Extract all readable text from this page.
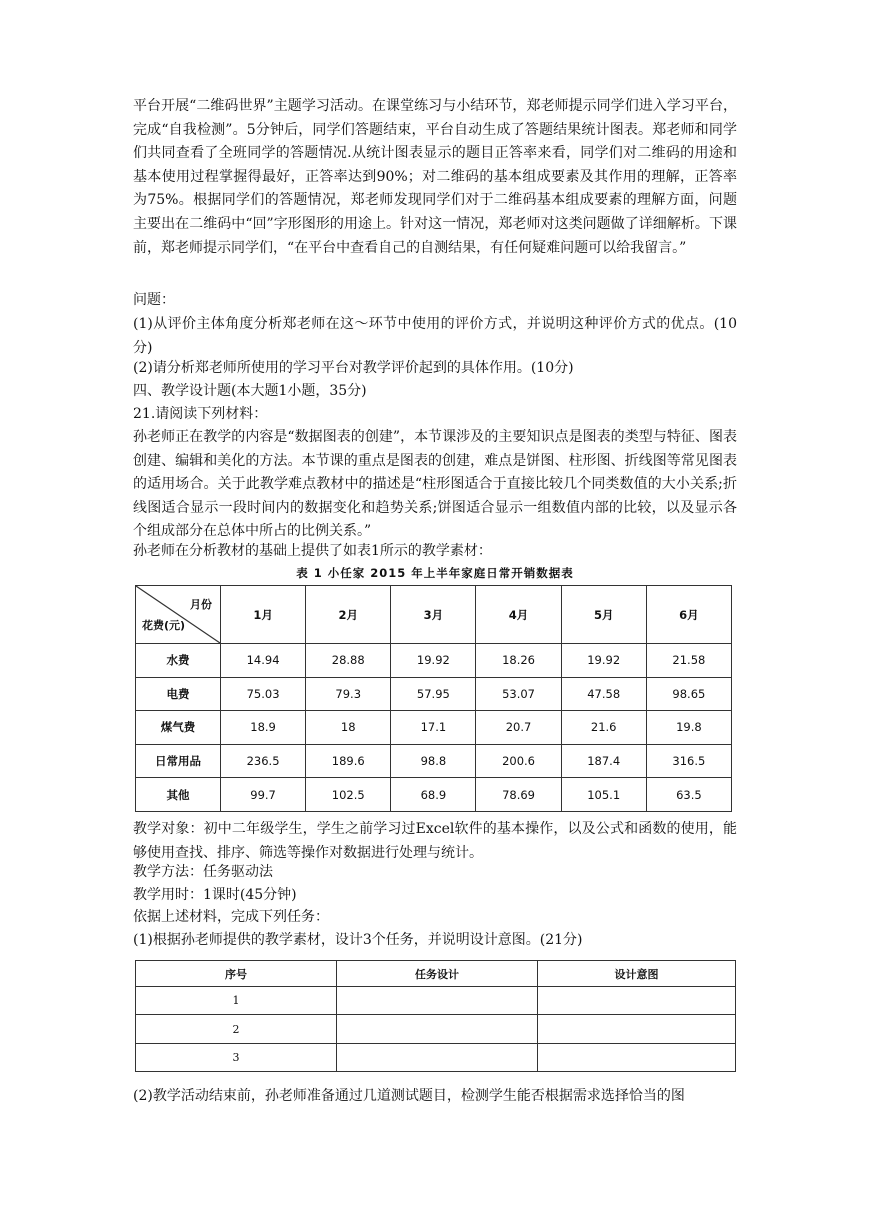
平台开展“二维码世界”主题学习活动。在课堂练习与小结环节，郑老师提示同学们进入学习平台，完成“自我检测”。5分钟后，同学们答题结束，平台自动生成了答题结果统计图表。郑老师和同学们共同查看了全班同学的答题情况.从统计图表显示的题目正答率来看，同学们对二维码的用途和基本使用过程掌握得最好，正答率达到90%；对二维码的基本组成要素及其作用的理解，正答率为75%。根据同学们的答题情况，郑老师发现同学们对于二维码基本组成要素的理解方面，问题主要出在二维码中“回”字形图形的用途上。针对这一情况，郑老师对这类问题做了详细解析。下课前，郑老师提示同学们，“在平台中查看自己的自测结果，有任何疑难问题可以给我留言。”

问题：

(1)从评价主体角度分析郑老师在这～环节中使用的评价方式，并说明这种评价方式的优点。(10分)

(2)请分析郑老师所使用的学习平台对教学评价起到的具体作用。(10分)

四、教学设计题(本大题1小题，35分)

21.请阅读下列材料：

孙老师正在教学的内容是“数据图表的创建”，本节课涉及的主要知识点是图表的类型与特征、图表创建、编辑和美化的方法。本节课的重点是图表的创建，难点是饼图、柱形图、折线图等常见图表的适用场合。关于此教学难点教材中的描述是“柱形图适合于直接比较几个同类数值的大小关系;折线图适合显示一段时间内的数据变化和趋势关系;饼图适合显示一组数值内部的比较，以及显示各个组成部分在总体中所占的比例关系。”

孙老师在分析教材的基础上提供了如表1所示的教学素材：

表 1 小任家 2015 年上半年家庭日常开销数据表
月份
花费(元)	1月	2月	3月	4月	5月	6月
水费	14.94	28.88	19.92	18.26	19.92	21.58
电费	75.03	79.3	57.95	53.07	47.58	98.65
煤气费	18.9	18	17.1	20.7	21.6	19.8
日常用品	236.5	189.6	98.8	200.6	187.4	316.5
其他	99.7	102.5	68.9	78.69	105.1	63.5

教学对象：初中二年级学生，学生之前学习过Excel软件的基本操作，以及公式和函数的使用，能够使用查找、排序、筛选等操作对数据进行处理与统计。

教学方法：任务驱动法

教学用时：1课时(45分钟)

依据上述材料，完成下列任务：

(1)根据孙老师提供的教学素材，设计3个任务，并说明设计意图。(21分)

序号	任务设计	设计意图
1		
2		
3		

(2)教学活动结束前，孙老师准备通过几道测试题目，检测学生能否根据需求选择恰当的图
